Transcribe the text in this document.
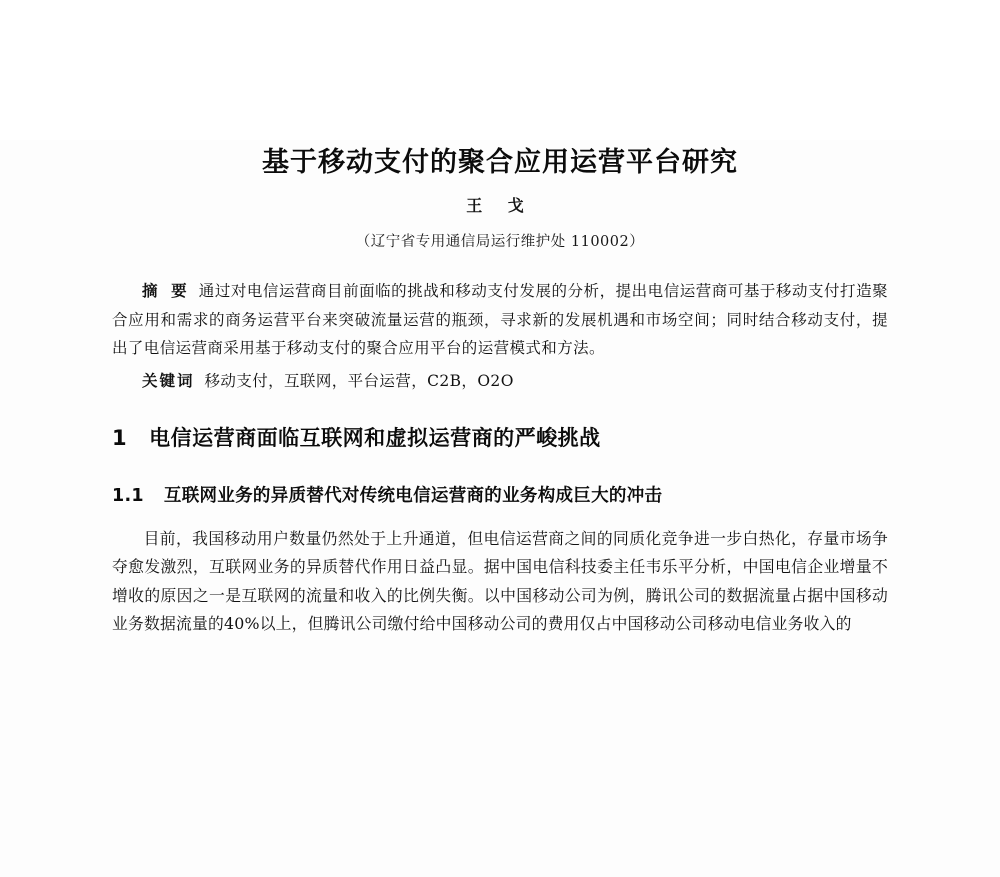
基于移动支付的聚合应用运营平台研究
王 戈
（辽宁省专用通信局运行维护处 110002）
摘 要 通过对电信运营商目前面临的挑战和移动支付发展的分析，提出电信运营商可基于移动支付打造聚合应用和需求的商务运营平台来突破流量运营的瓶颈，寻求新的发展机遇和市场空间；同时结合移动支付，提出了电信运营商采用基于移动支付的聚合应用平台的运营模式和方法。
关键词 移动支付，互联网，平台运营，C2B，O2O
1 电信运营商面临互联网和虚拟运营商的严峻挑战
1.1 互联网业务的异质替代对传统电信运营商的业务构成巨大的冲击
目前，我国移动用户数量仍然处于上升通道，但电信运营商之间的同质化竞争进一步白热化，存量市场争夺愈发激烈，互联网业务的异质替代作用日益凸显。据中国电信科技委主任韦乐平分析，中国电信企业增量不增收的原因之一是互联网的流量和收入的比例失衡。以中国移动公司为例，腾讯公司的数据流量占据中国移动业务数据流量的40%以上，但腾讯公司缴付给中国移动公司的费用仅占中国移动公司移动电信业务收入的
